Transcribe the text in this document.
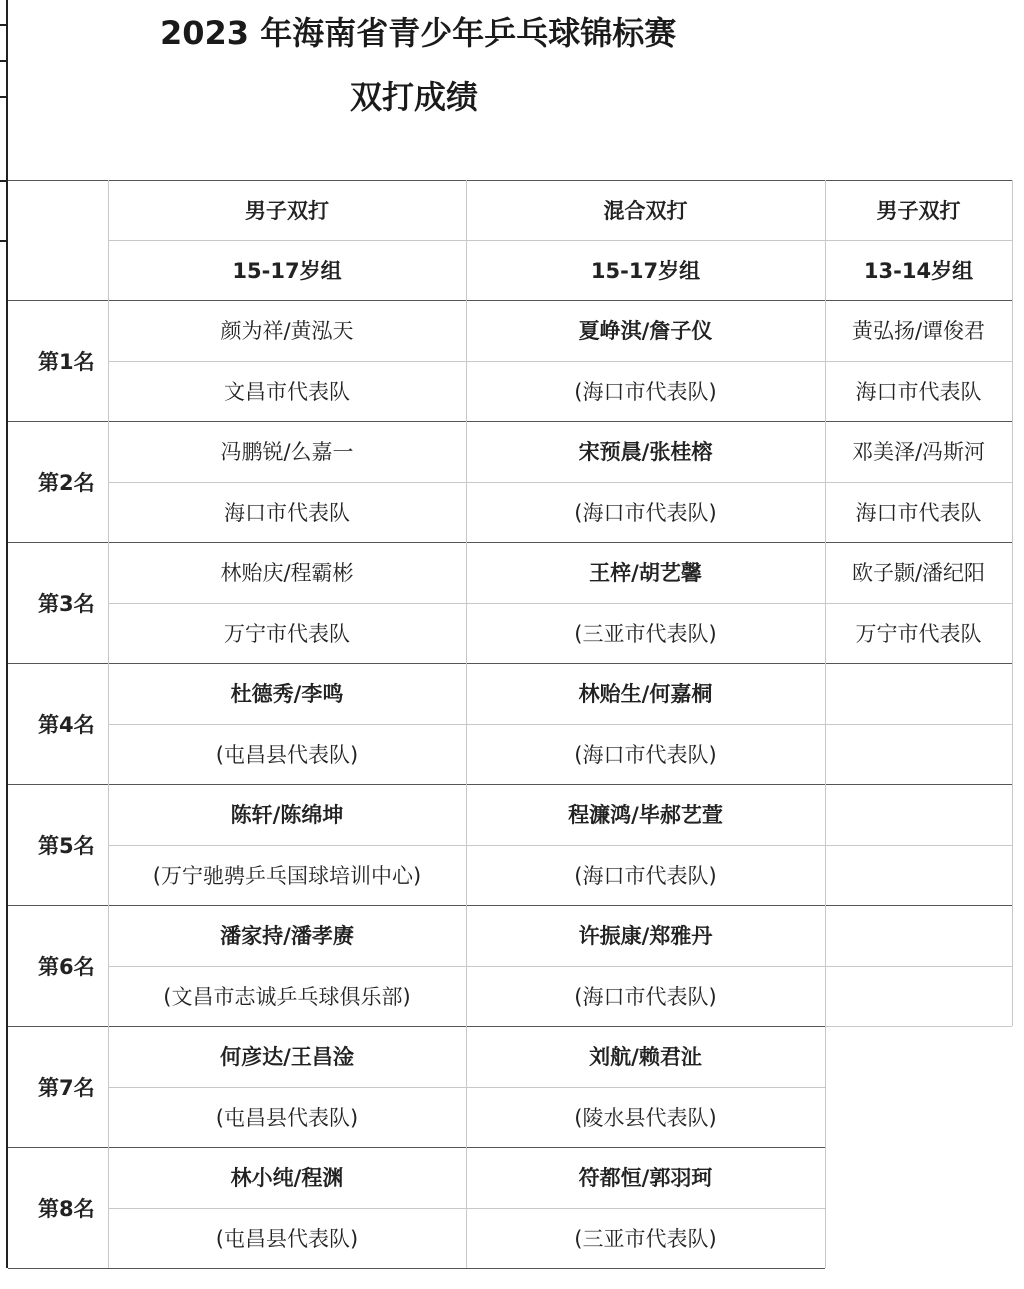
2023 年海南省青少年乒乓球锦标赛
双打成绩
男子双打
15-17岁组
混合双打
15-17岁组
男子双打
13-14岁组
第1名
颜为祥/黄泓天
文昌市代表队
夏峥淇/詹子仪
(海口市代表队)
黄弘扬/谭俊君
海口市代表队
第2名
冯鹏锐/么嘉一
海口市代表队
宋预晨/张桂榕
(海口市代表队)
邓美泽/冯斯河
海口市代表队
第3名
林贻庆/程霸彬
万宁市代表队
王梓/胡艺馨
(三亚市代表队)
欧子颢/潘纪阳
万宁市代表队
第4名
杜德秀/李鸣
(屯昌县代表队)
林贻生/何嘉桐
(海口市代表队)
第5名
陈轩/陈绵坤
(万宁驰骋乒乓国球培训中心)
程濂鸿/毕郝艺萱
(海口市代表队)
第6名
潘家持/潘孝赓
(文昌市志诚乒乓球俱乐部)
许振康/郑雅丹
(海口市代表队)
第7名
何彦达/王昌淦
(屯昌县代表队)
刘航/赖君沚
(陵水县代表队)
第8名
林小纯/程渊
(屯昌县代表队)
符都恒/郭羽珂
(三亚市代表队)
